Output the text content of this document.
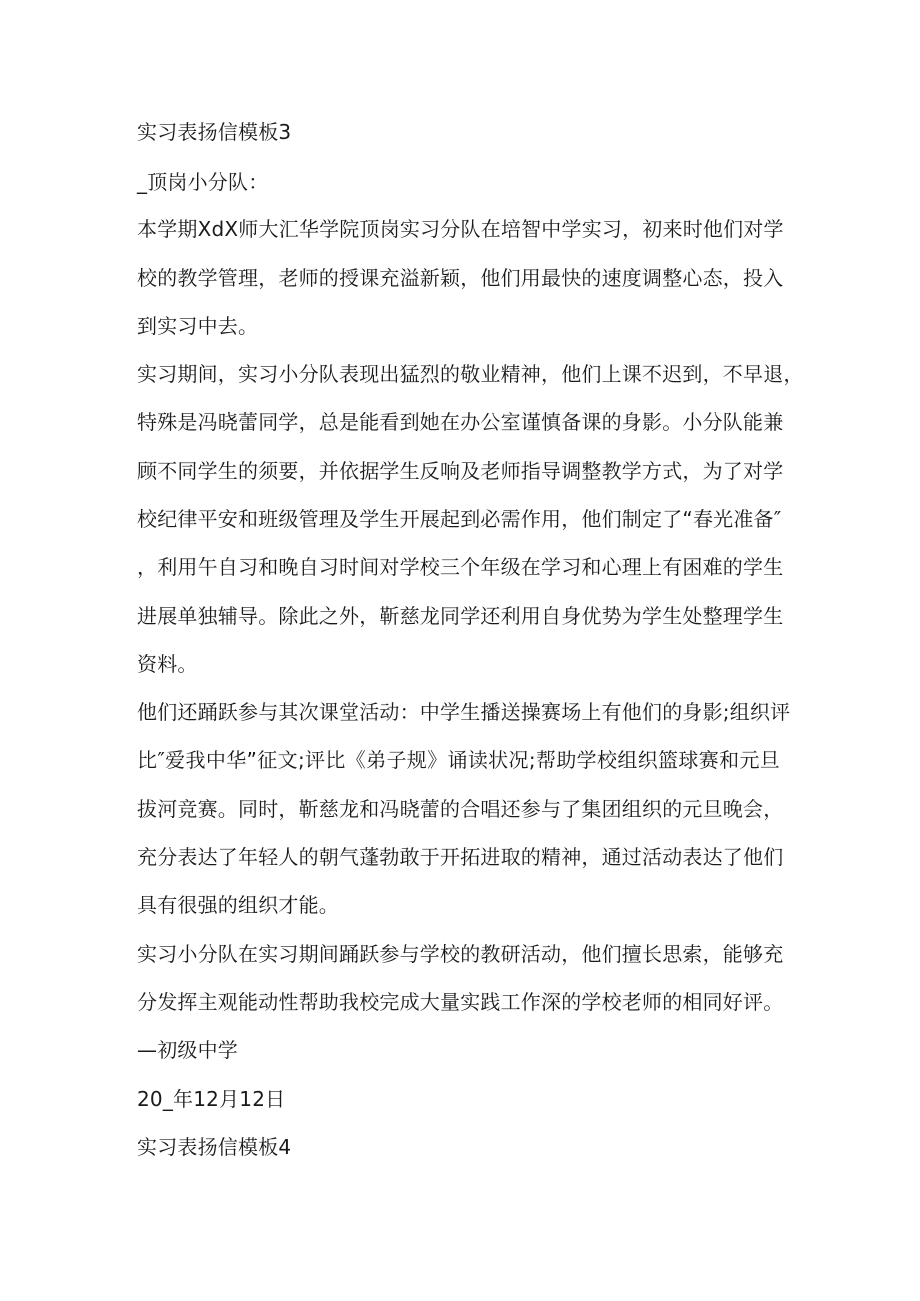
实习表扬信模板3

_顶岗小分队：

本学期XdX师大汇华学院顶岗实习分队在培智中学实习，初来时他们对学

校的教学管理，老师的授课充溢新颖，他们用最快的速度调整心态，投入

到实习中去。

实习期间，实习小分队表现出猛烈的敬业精神，他们上课不迟到，不早退，

特殊是冯晓蕾同学，总是能看到她在办公室谨慎备课的身影。小分队能兼

顾不同学生的须要，并依据学生反响及老师指导调整教学方式，为了对学

校纪律平安和班级管理及学生开展起到必需作用，他们制定了“春光准备″

，利用午自习和晚自习时间对学校三个年级在学习和心理上有困难的学生

进展单独辅导。除此之外，靳慈龙同学还利用自身优势为学生处整理学生

资料。

他们还踊跃参与其次课堂活动：中学生播送操赛场上有他们的身影;组织评

比″爱我中华”征文;评比《弟子规》诵读状况;帮助学校组织篮球赛和元旦

拔河竞赛。同时，靳慈龙和冯晓蕾的合唱还参与了集团组织的元旦晚会，

充分表达了年轻人的朝气蓬勃敢于开拓进取的精神，通过活动表达了他们

具有很强的组织才能。

实习小分队在实习期间踊跃参与学校的教研活动，他们擅长思索，能够充

分发挥主观能动性帮助我校完成大量实践工作深的学校老师的相同好评。

—初级中学

20_年12月12日

实习表扬信模板4
